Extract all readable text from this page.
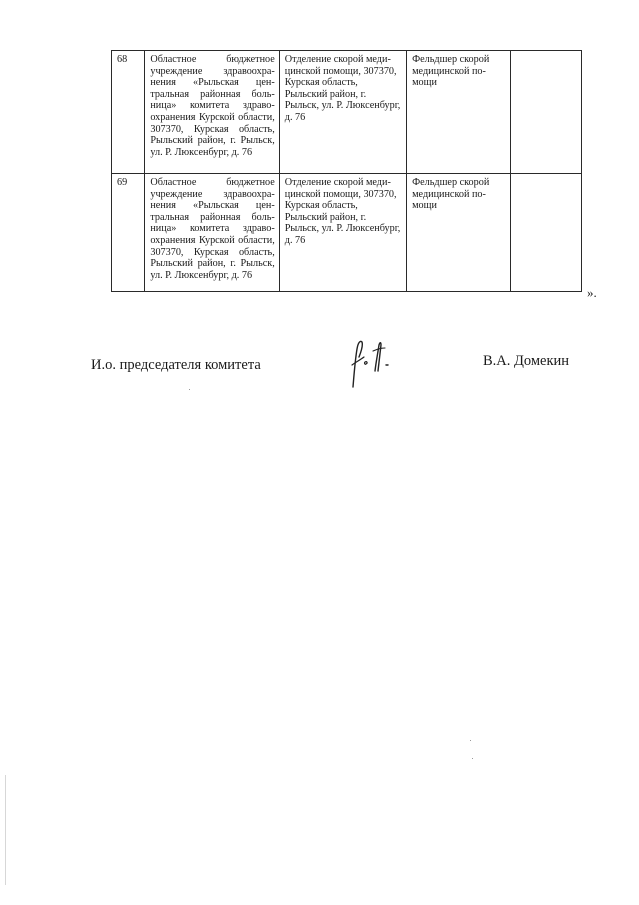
68	Областное бюджетное учреждение здравоохранения «Рыльская центральная районная больница» комитета здравоохранения Курской области, 307370, Курская область, Рыльский район, г. Рыльск, ул. Р. Люксенбург, д. 76	Отделение скорой медицинской помощи, 307370, Курская область, Рыльский район, г. Рыльск, ул. Р. Люксенбург, д. 76	Фельдшер скорой медицинской помощи	
69	Областное бюджетное учреждение здравоохранения «Рыльская центральная районная больница» комитета здравоохранения Курской области, 307370, Курская область, Рыльский район, г. Рыльск, ул. Р. Люксенбург, д. 76	Отделение скорой медицинской помощи, 307370, Курская область, Рыльский район, г. Рыльск, ул. Р. Люксенбург, д. 76	Фельдшер скорой медицинской помощи	
».
И.о. председателя комитета	В.А. Домекин
